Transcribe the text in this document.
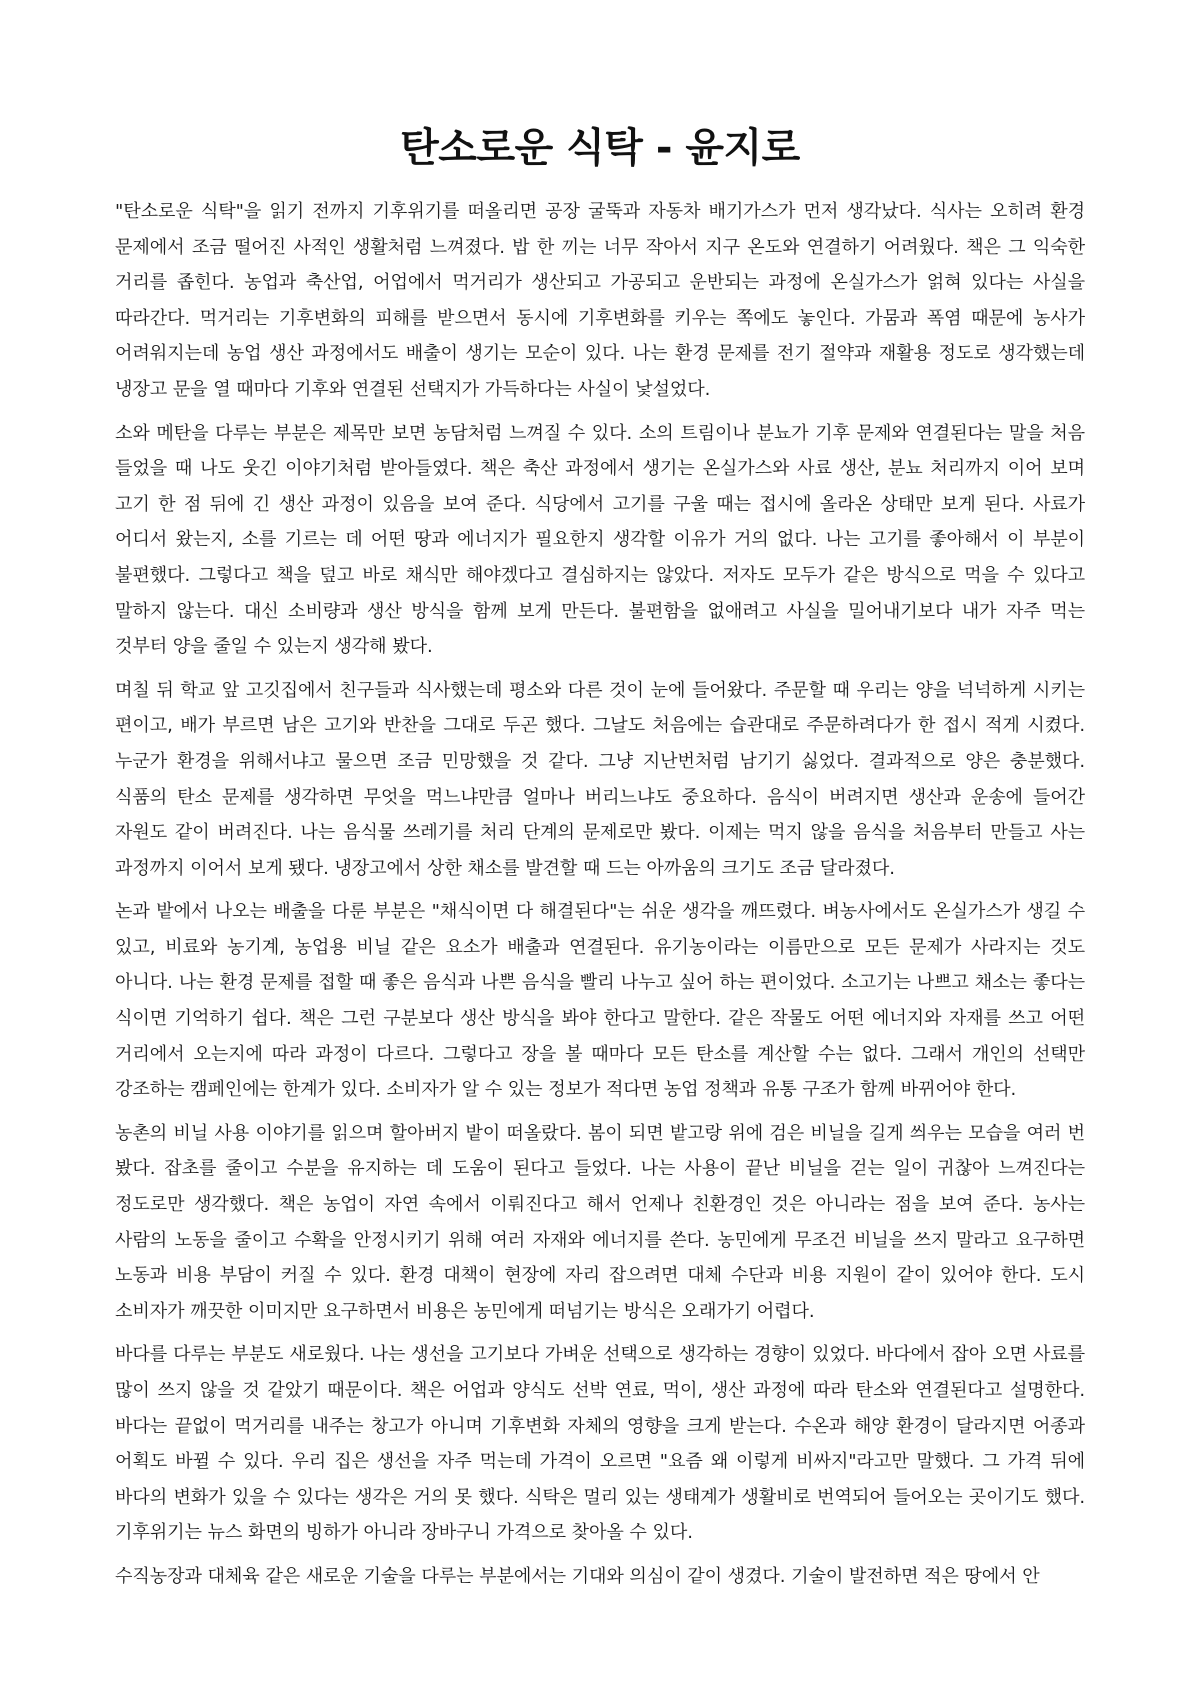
탄소로운 식탁 - 윤지로

"탄소로운 식탁"을 읽기 전까지 기후위기를 떠올리면 공장 굴뚝과 자동차 배기가스가 먼저 생각났다. 식사는 오히려 환경 문제에서 조금 떨어진 사적인 생활처럼 느껴졌다. 밥 한 끼는 너무 작아서 지구 온도와 연결하기 어려웠다. 책은 그 익숙한 거리를 좁힌다. 농업과 축산업, 어업에서 먹거리가 생산되고 가공되고 운반되는 과정에 온실가스가 얽혀 있다는 사실을 따라간다. 먹거리는 기후변화의 피해를 받으면서 동시에 기후변화를 키우는 쪽에도 놓인다. 가뭄과 폭염 때문에 농사가 어려워지는데 농업 생산 과정에서도 배출이 생기는 모순이 있다. 나는 환경 문제를 전기 절약과 재활용 정도로 생각했는데 냉장고 문을 열 때마다 기후와 연결된 선택지가 가득하다는 사실이 낯설었다.

소와 메탄을 다루는 부분은 제목만 보면 농담처럼 느껴질 수 있다. 소의 트림이나 분뇨가 기후 문제와 연결된다는 말을 처음 들었을 때 나도 웃긴 이야기처럼 받아들였다. 책은 축산 과정에서 생기는 온실가스와 사료 생산, 분뇨 처리까지 이어 보며 고기 한 점 뒤에 긴 생산 과정이 있음을 보여 준다. 식당에서 고기를 구울 때는 접시에 올라온 상태만 보게 된다. 사료가 어디서 왔는지, 소를 기르는 데 어떤 땅과 에너지가 필요한지 생각할 이유가 거의 없다. 나는 고기를 좋아해서 이 부분이 불편했다. 그렇다고 책을 덮고 바로 채식만 해야겠다고 결심하지는 않았다. 저자도 모두가 같은 방식으로 먹을 수 있다고 말하지 않는다. 대신 소비량과 생산 방식을 함께 보게 만든다. 불편함을 없애려고 사실을 밀어내기보다 내가 자주 먹는 것부터 양을 줄일 수 있는지 생각해 봤다.

며칠 뒤 학교 앞 고깃집에서 친구들과 식사했는데 평소와 다른 것이 눈에 들어왔다. 주문할 때 우리는 양을 넉넉하게 시키는 편이고, 배가 부르면 남은 고기와 반찬을 그대로 두곤 했다. 그날도 처음에는 습관대로 주문하려다가 한 접시 적게 시켰다. 누군가 환경을 위해서냐고 물으면 조금 민망했을 것 같다. 그냥 지난번처럼 남기기 싫었다. 결과적으로 양은 충분했다. 식품의 탄소 문제를 생각하면 무엇을 먹느냐만큼 얼마나 버리느냐도 중요하다. 음식이 버려지면 생산과 운송에 들어간 자원도 같이 버려진다. 나는 음식물 쓰레기를 처리 단계의 문제로만 봤다. 이제는 먹지 않을 음식을 처음부터 만들고 사는 과정까지 이어서 보게 됐다. 냉장고에서 상한 채소를 발견할 때 드는 아까움의 크기도 조금 달라졌다.

논과 밭에서 나오는 배출을 다룬 부분은 "채식이면 다 해결된다"는 쉬운 생각을 깨뜨렸다. 벼농사에서도 온실가스가 생길 수 있고, 비료와 농기계, 농업용 비닐 같은 요소가 배출과 연결된다. 유기농이라는 이름만으로 모든 문제가 사라지는 것도 아니다. 나는 환경 문제를 접할 때 좋은 음식과 나쁜 음식을 빨리 나누고 싶어 하는 편이었다. 소고기는 나쁘고 채소는 좋다는 식이면 기억하기 쉽다. 책은 그런 구분보다 생산 방식을 봐야 한다고 말한다. 같은 작물도 어떤 에너지와 자재를 쓰고 어떤 거리에서 오는지에 따라 과정이 다르다. 그렇다고 장을 볼 때마다 모든 탄소를 계산할 수는 없다. 그래서 개인의 선택만 강조하는 캠페인에는 한계가 있다. 소비자가 알 수 있는 정보가 적다면 농업 정책과 유통 구조가 함께 바뀌어야 한다.

농촌의 비닐 사용 이야기를 읽으며 할아버지 밭이 떠올랐다. 봄이 되면 밭고랑 위에 검은 비닐을 길게 씌우는 모습을 여러 번 봤다. 잡초를 줄이고 수분을 유지하는 데 도움이 된다고 들었다. 나는 사용이 끝난 비닐을 걷는 일이 귀찮아 느껴진다는 정도로만 생각했다. 책은 농업이 자연 속에서 이뤄진다고 해서 언제나 친환경인 것은 아니라는 점을 보여 준다. 농사는 사람의 노동을 줄이고 수확을 안정시키기 위해 여러 자재와 에너지를 쓴다. 농민에게 무조건 비닐을 쓰지 말라고 요구하면 노동과 비용 부담이 커질 수 있다. 환경 대책이 현장에 자리 잡으려면 대체 수단과 비용 지원이 같이 있어야 한다. 도시 소비자가 깨끗한 이미지만 요구하면서 비용은 농민에게 떠넘기는 방식은 오래가기 어렵다.

바다를 다루는 부분도 새로웠다. 나는 생선을 고기보다 가벼운 선택으로 생각하는 경향이 있었다. 바다에서 잡아 오면 사료를 많이 쓰지 않을 것 같았기 때문이다. 책은 어업과 양식도 선박 연료, 먹이, 생산 과정에 따라 탄소와 연결된다고 설명한다. 바다는 끝없이 먹거리를 내주는 창고가 아니며 기후변화 자체의 영향을 크게 받는다. 수온과 해양 환경이 달라지면 어종과 어획도 바뀔 수 있다. 우리 집은 생선을 자주 먹는데 가격이 오르면 "요즘 왜 이렇게 비싸지"라고만 말했다. 그 가격 뒤에 바다의 변화가 있을 수 있다는 생각은 거의 못 했다. 식탁은 멀리 있는 생태계가 생활비로 번역되어 들어오는 곳이기도 했다. 기후위기는 뉴스 화면의 빙하가 아니라 장바구니 가격으로 찾아올 수 있다.

수직농장과 대체육 같은 새로운 기술을 다루는 부분에서는 기대와 의심이 같이 생겼다. 기술이 발전하면 적은 땅에서 안
